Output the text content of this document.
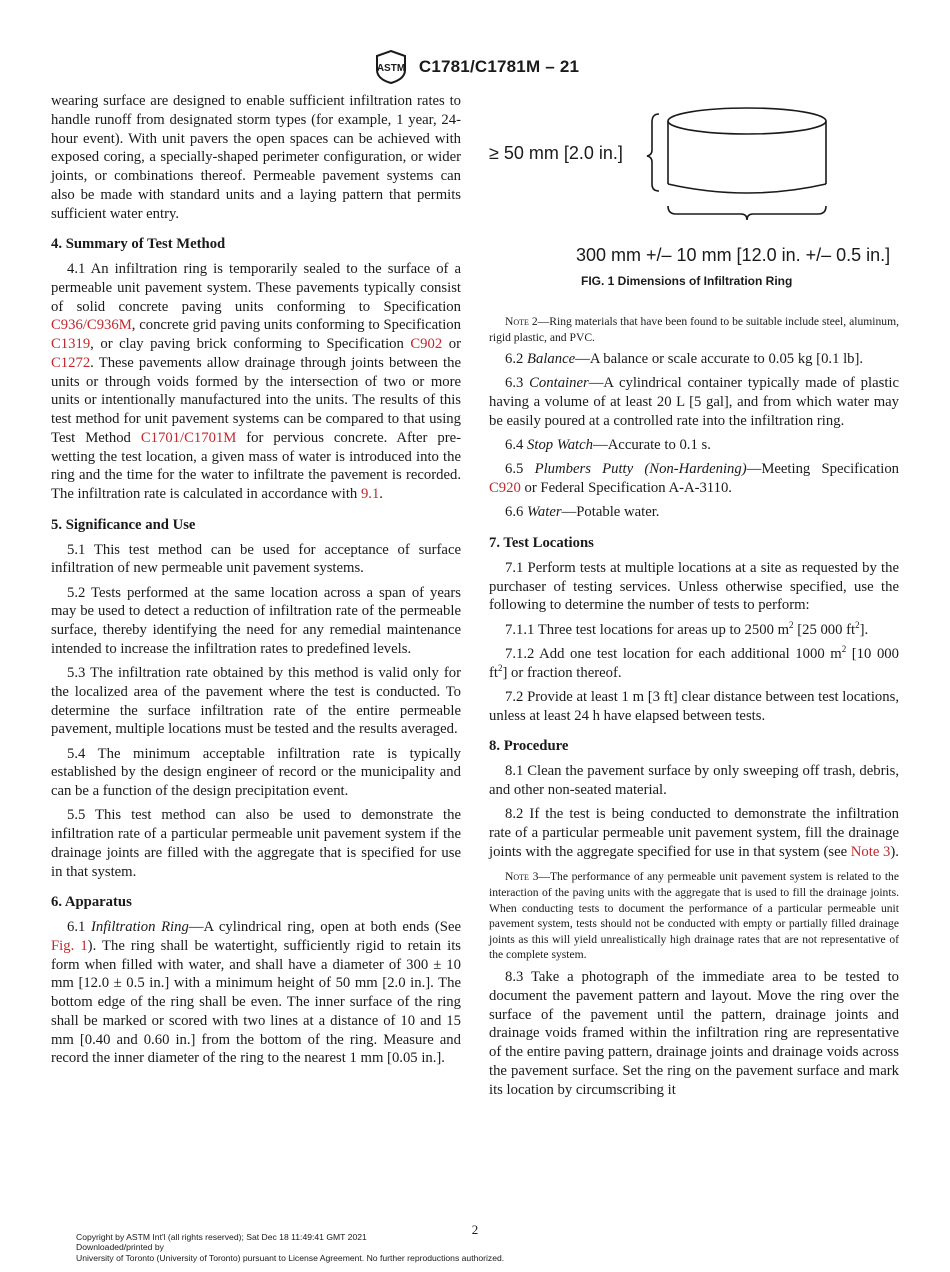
ASTM C1781/C1781M – 21

wearing surface are designed to enable sufficient infiltration rates to handle runoff from designated storm types (for example, 1 year, 24-hour event). With unit pavers the open spaces can be achieved with exposed coring, a specially-shaped perimeter configuration, or wider joints, or combinations thereof. Permeable pavement systems can also be made with standard units and a laying pattern that permits sufficient water entry.

4. Summary of Test Method

4.1 An infiltration ring is temporarily sealed to the surface of a permeable unit pavement system. These pavements typically consist of solid concrete paving units conforming to Specification C936/C936M, concrete grid paving units conforming to Specification C1319, or clay paving brick conforming to Specification C902 or C1272. These pavements allow drainage through joints between the units or through voids formed by the intersection of two or more units or intentionally manufactured into the units. The results of this test method for unit pavement systems can be compared to that using Test Method C1701/C1701M for pervious concrete. After pre-wetting the test location, a given mass of water is introduced into the ring and the time for the water to infiltrate the pavement is recorded. The infiltration rate is calculated in accordance with 9.1.

5. Significance and Use

5.1 This test method can be used for acceptance of surface infiltration of new permeable unit pavement systems.

5.2 Tests performed at the same location across a span of years may be used to detect a reduction of infiltration rate of the permeable surface, thereby identifying the need for any remedial maintenance intended to increase the infiltration rates to predefined levels.

5.3 The infiltration rate obtained by this method is valid only for the localized area of the pavement where the test is conducted. To determine the surface infiltration rate of the entire permeable pavement, multiple locations must be tested and the results averaged.

5.4 The minimum acceptable infiltration rate is typically established by the design engineer of record or the municipality and can be a function of the design precipitation event.

5.5 This test method can also be used to demonstrate the infiltration rate of a particular permeable unit pavement system if the drainage joints are filled with the aggregate that is specified for use in that system.

6. Apparatus

6.1 Infiltration Ring—A cylindrical ring, open at both ends (See Fig. 1). The ring shall be watertight, sufficiently rigid to retain its form when filled with water, and shall have a diameter of 300 ± 10 mm [12.0 ± 0.5 in.] with a minimum height of 50 mm [2.0 in.]. The bottom edge of the ring shall be even. The inner surface of the ring shall be marked or scored with two lines at a distance of 10 and 15 mm [0.40 and 0.60 in.] from the bottom of the ring. Measure and record the inner diameter of the ring to the nearest 1 mm [0.05 in.].

≥ 50 mm [2.0 in.]
300 mm +/– 10 mm [12.0 in. +/– 0.5 in.]
FIG. 1 Dimensions of Infiltration Ring

Note 2—Ring materials that have been found to be suitable include steel, aluminum, rigid plastic, and PVC.

6.2 Balance—A balance or scale accurate to 0.05 kg [0.1 lb].

6.3 Container—A cylindrical container typically made of plastic having a volume of at least 20 L [5 gal], and from which water may be easily poured at a controlled rate into the infiltration ring.

6.4 Stop Watch—Accurate to 0.1 s.

6.5 Plumbers Putty (Non-Hardening)—Meeting Specification C920 or Federal Specification A-A-3110.

6.6 Water—Potable water.

7. Test Locations

7.1 Perform tests at multiple locations at a site as requested by the purchaser of testing services. Unless otherwise specified, use the following to determine the number of tests to perform:

7.1.1 Three test locations for areas up to 2500 $m^2$ [25 000 $ft^2$].

7.1.2 Add one test location for each additional 1000 $m^2$ [10 000 $ft^2$] or fraction thereof.

7.2 Provide at least 1 m [3 ft] clear distance between test locations, unless at least 24 h have elapsed between tests.

8. Procedure

8.1 Clean the pavement surface by only sweeping off trash, debris, and other non-seated material.

8.2 If the test is being conducted to demonstrate the infiltration rate of a particular permeable unit pavement system, fill the drainage joints with the aggregate specified for use in that system (see Note 3).

Note 3—The performance of any permeable unit pavement system is related to the interaction of the paving units with the aggregate that is used to fill the drainage joints. When conducting tests to document the performance of a particular permeable unit pavement system, tests should not be conducted with empty or partially filled drainage joints as this will yield unrealistically high drainage rates that are not representative of the complete system.

8.3 Take a photograph of the immediate area to be tested to document the pavement pattern and layout. Move the ring over the surface of the pavement until the pattern, drainage joints and drainage voids framed within the infiltration ring are representative of the entire paving pattern, drainage joints and drainage voids across the pavement surface. Set the ring on the pavement surface and mark its location by circumscribing it

2
Copyright by ASTM Int'l (all rights reserved); Sat Dec 18 11:49:41 GMT 2021
Downloaded/printed by
University of Toronto (University of Toronto) pursuant to License Agreement. No further reproductions authorized.
